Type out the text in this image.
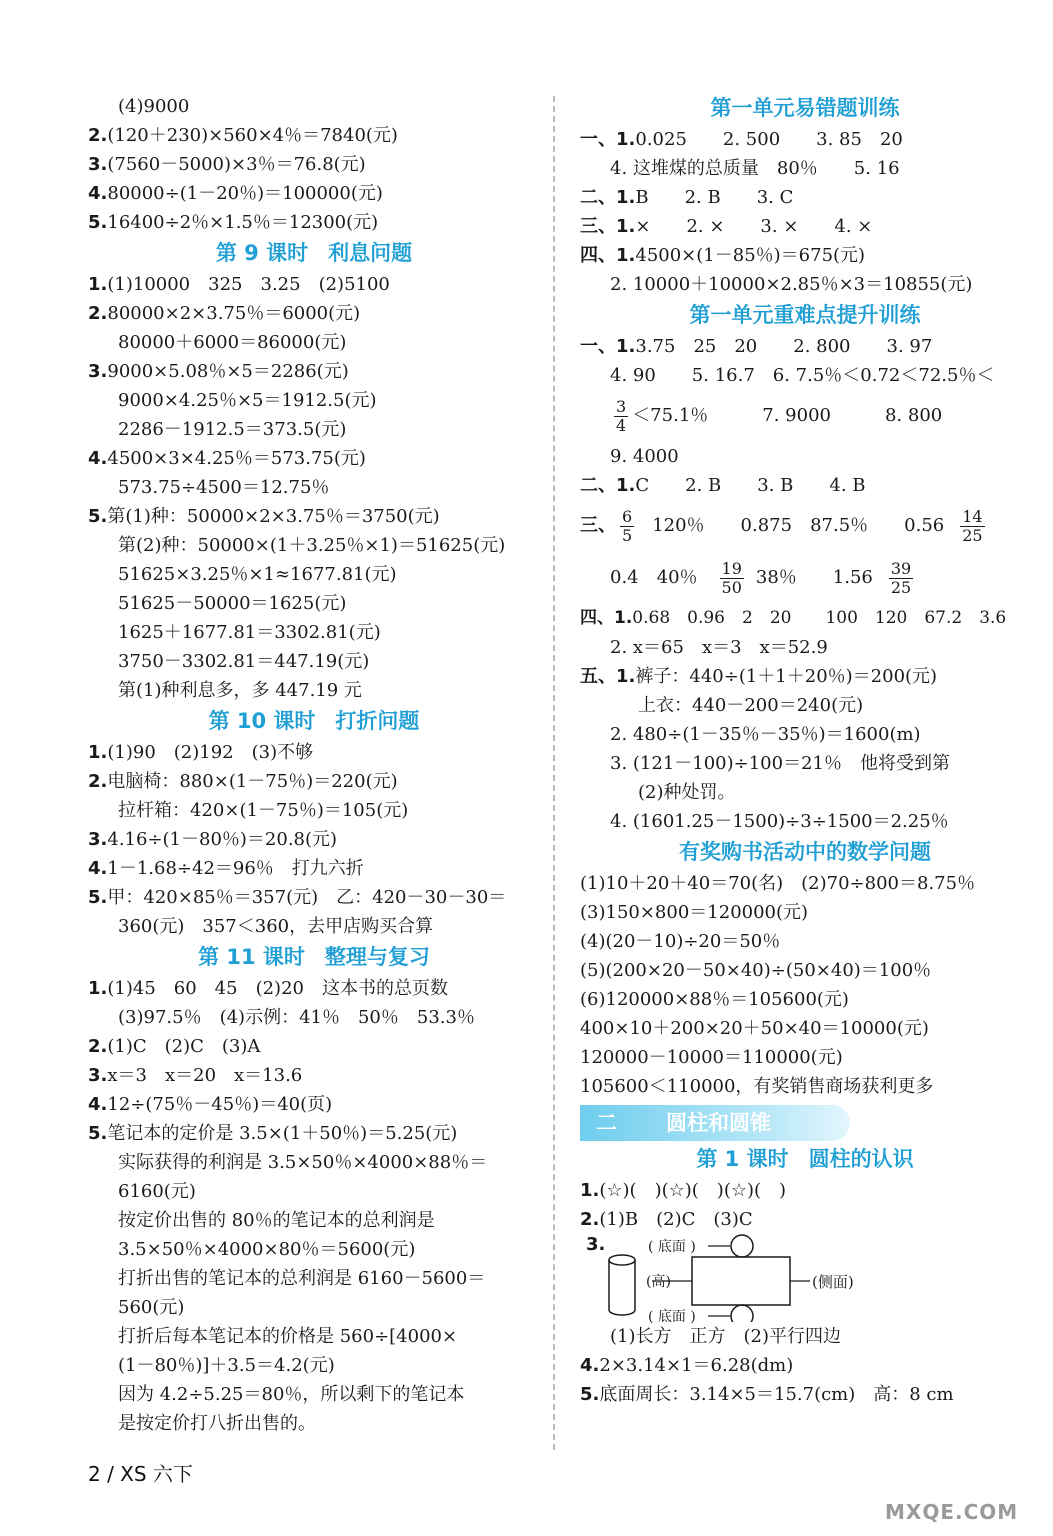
(4)9000
2.(120＋230)×560×4％＝7840(元)
3.(7560－5000)×3％＝76.8(元)
4.80000÷(1－20％)＝100000(元)
5.16400÷2％×1.5％＝12300(元)
第 9 课时 利息问题
1.(1)10000　325　3.25　(2)5100
2.80000×2×3.75％＝6000(元)
80000＋6000＝86000(元)
3.9000×5.08％×5＝2286(元)
9000×4.25％×5＝1912.5(元)
2286－1912.5＝373.5(元)
4.4500×3×4.25％＝573.75(元)
573.75÷4500＝12.75％
5.第(1)种：50000×2×3.75％＝3750(元)
第(2)种：50000×(1＋3.25％×1)＝51625(元)
51625×3.25％×1≈1677.81(元)
51625－50000＝1625(元)
1625＋1677.81＝3302.81(元)
3750－3302.81＝447.19(元)
第(1)种利息多，多 447.19 元
第 10 课时 打折问题
1.(1)90　(2)192　(3)不够
2.电脑椅：880×(1－75％)＝220(元)
拉杆箱：420×(1－75％)＝105(元)
3.4.16÷(1－80％)＝20.8(元)
4.1－1.68÷42＝96％　打九六折
5.甲：420×85％＝357(元)　乙：420－30－30＝
360(元)　357＜360，去甲店购买合算
第 11 课时 整理与复习
1.(1)45　60　45　(2)20　这本书的总页数
(3)97.5％　(4)示例：41％　50％　53.3％
2.(1)C　(2)C　(3)A
3.x＝3　x＝20　x＝13.6
4.12÷(75％－45％)＝40(页)
5.笔记本的定价是 3.5×(1＋50％)＝5.25(元)
实际获得的利润是 3.5×50％×4000×88％＝
6160(元)
按定价出售的 80％的笔记本的总利润是
3.5×50％×4000×80％＝5600(元)
打折出售的笔记本的总利润是 6160－5600＝
560(元)
打折后每本笔记本的价格是 560÷[4000×
(1－80％)]＋3.5＝4.2(元)
因为 4.2÷5.25＝80％，所以剩下的笔记本
是按定价打八折出售的。
第一单元易错题训练
一、1.0.025　　2. 500　　3. 85　20
4. 这堆煤的总质量　80％　　5. 16
二、1.B　　2. B　　3. C
三、1.×　　2. ×　　3. ×　　4. ×
四、1.4500×(1－85％)＝675(元)
2. 10000＋10000×2.85％×3＝10855(元)
第一单元重难点提升训练
一、1.3.75　25　20　　2. 800　　3. 97
4. 90　　5. 16.7　6. 7.5％＜0.72＜72.5％＜
$\frac{3}{4} <75.1$％　　　7. 9000　　　8. 800
9. 4000
二、1.C　　2. B　　3. B　　4. B
三、 $\frac{6}{5} 120$％　　0.875　87.5％　　$0.56 \frac{14}{25}$
0.4　40％ $\frac{19}{50} 38$％　　$1.56 \frac{39}{25}$
四、1.0.68　0.96　2　20　　100　120　67.2　3.6
2. x＝65　x＝3　x＝52.9
五、1.裤子：440÷(1＋1＋20％)＝200(元)
上衣：440－200＝240(元)
2. 480÷(1－35％－35％)＝1600(m)
3. (121－100)÷100＝21％　他将受到第
(2)种处罚。
4. (1601.25－1500)÷3÷1500＝2.25％
有奖购书活动中的数学问题
(1)10＋20＋40＝70(名)　(2)70÷800＝8.75％
(3)150×800＝120000(元)
(4)(20－10)÷20＝50％
(5)(200×20－50×40)÷(50×40)＝100％
(6)120000×88％＝105600(元)
400×10＋200×20＋50×40＝10000(元)
120000－10000＝110000(元)
105600＜110000，有奖销售商场获利更多
二 圆柱和圆锥
第 1 课时 圆柱的认识
1.(☆)(　)(☆)(　)(☆)(　)
2.(1)B　(2)C　(3)C
3.	( 底面 )
(高)	(侧面)
( 底面 )
(1)长方　正方　(2)平行四边
4.2×3.14×1＝6.28(dm)
5.底面周长：3.14×5＝15.7(cm)　高：8 cm
2 / XS 六下
MXQE.COM
